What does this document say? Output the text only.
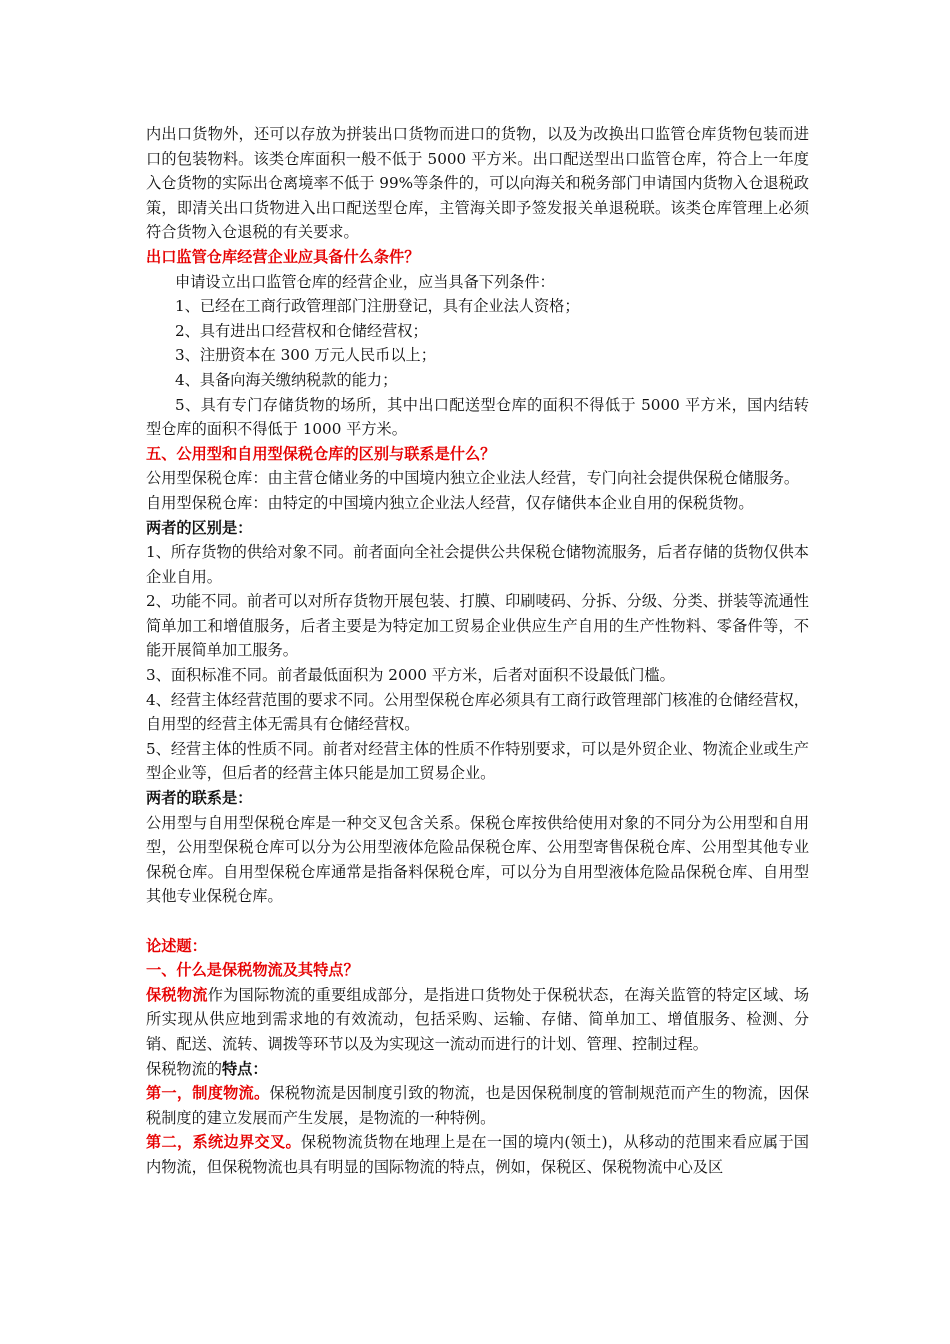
内出口货物外，还可以存放为拼装出口货物而进口的货物，以及为改换出口监管仓库货物包装而进口的包装物料。该类仓库面积一般不低于 5000 平方米。出口配送型出口监管仓库，符合上一年度入仓货物的实际出仓离境率不低于 99%等条件的，可以向海关和税务部门申请国内货物入仓退税政策，即清关出口货物进入出口配送型仓库，主管海关即予签发报关单退税联。该类仓库管理上必须符合货物入仓退税的有关要求。

出口监管仓库经营企业应具备什么条件？

申请设立出口监管仓库的经营企业，应当具备下列条件：

1、已经在工商行政管理部门注册登记，具有企业法人资格；

2、具有进出口经营权和仓储经营权；

3、注册资本在 300 万元人民币以上；

4、具备向海关缴纳税款的能力；

5、具有专门存储货物的场所，其中出口配送型仓库的面积不得低于 5000 平方米，国内结转型仓库的面积不得低于 1000 平方米。

五、公用型和自用型保税仓库的区别与联系是什么？

公用型保税仓库：由主营仓储业务的中国境内独立企业法人经营，专门向社会提供保税仓储服务。

自用型保税仓库：由特定的中国境内独立企业法人经营，仅存储供本企业自用的保税货物。

两者的区别是：

1、所存货物的供给对象不同。前者面向全社会提供公共保税仓储物流服务，后者存储的货物仅供本企业自用。

2、功能不同。前者可以对所存货物开展包装、打膜、印刷唛码、分拆、分级、分类、拼装等流通性简单加工和增值服务，后者主要是为特定加工贸易企业供应生产自用的生产性物料、零备件等，不能开展简单加工服务。

3、面积标准不同。前者最低面积为 2000 平方米，后者对面积不设最低门槛。

4、经营主体经营范围的要求不同。公用型保税仓库必须具有工商行政管理部门核准的仓储经营权，自用型的经营主体无需具有仓储经营权。

5、经营主体的性质不同。前者对经营主体的性质不作特别要求，可以是外贸企业、物流企业或生产型企业等，但后者的经营主体只能是加工贸易企业。

两者的联系是：

公用型与自用型保税仓库是一种交叉包含关系。保税仓库按供给使用对象的不同分为公用型和自用型，公用型保税仓库可以分为公用型液体危险品保税仓库、公用型寄售保税仓库、公用型其他专业保税仓库。自用型保税仓库通常是指备料保税仓库，可以分为自用型液体危险品保税仓库、自用型其他专业保税仓库。

论述题：

一、什么是保税物流及其特点？

保税物流作为国际物流的重要组成部分，是指进口货物处于保税状态，在海关监管的特定区域、场所实现从供应地到需求地的有效流动，包括采购、运输、存储、简单加工、增值服务、检测、分销、配送、流转、调拨等环节以及为实现这一流动而进行的计划、管理、控制过程。

保税物流的特点：

第一，制度物流。保税物流是因制度引致的物流，也是因保税制度的管制规范而产生的物流，因保税制度的建立发展而产生发展，是物流的一种特例。

第二，系统边界交叉。保税物流货物在地理上是在一国的境内(领土)，从移动的范围来看应属于国内物流，但保税物流也具有明显的国际物流的特点，例如，保税区、保税物流中心及区
